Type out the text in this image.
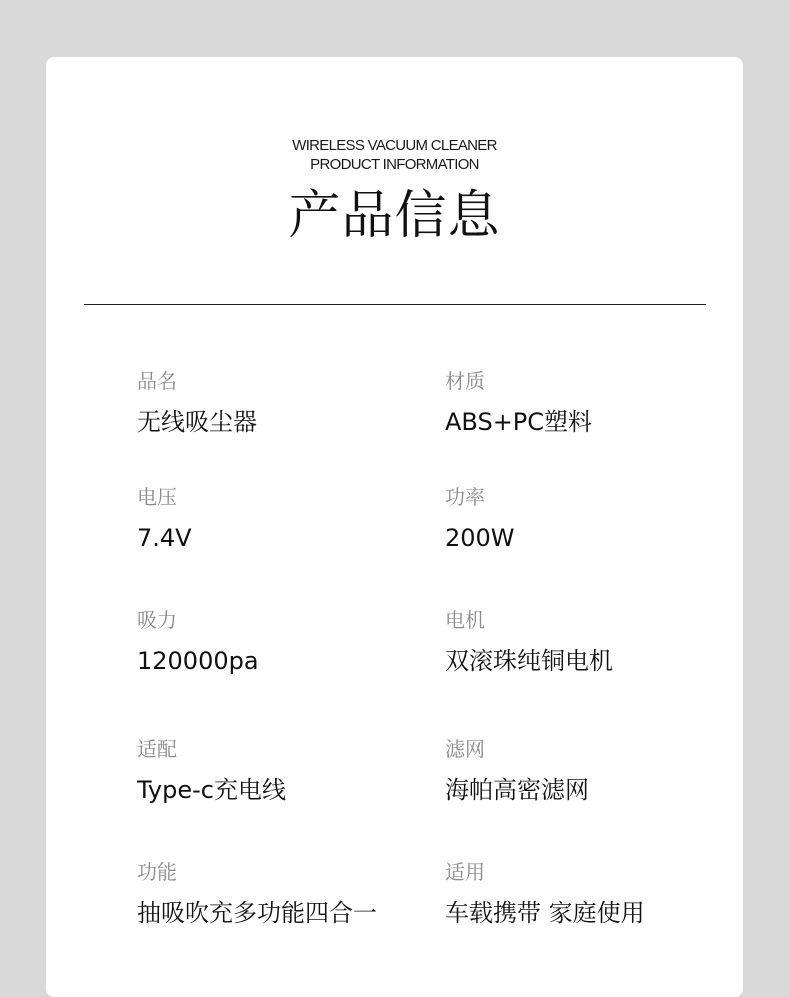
WIRELESS VACUUM CLEANER
PRODUCT INFORMATION
产品信息
品名
无线吸尘器
材质
ABS+PC塑料
电压
7.4V
功率
200W
吸力
120000pa
电机
双滚珠纯铜电机
适配
Type-c充电线
滤网
海帕高密滤网
功能
抽吸吹充多功能四合一
适用
车载携带 家庭使用
